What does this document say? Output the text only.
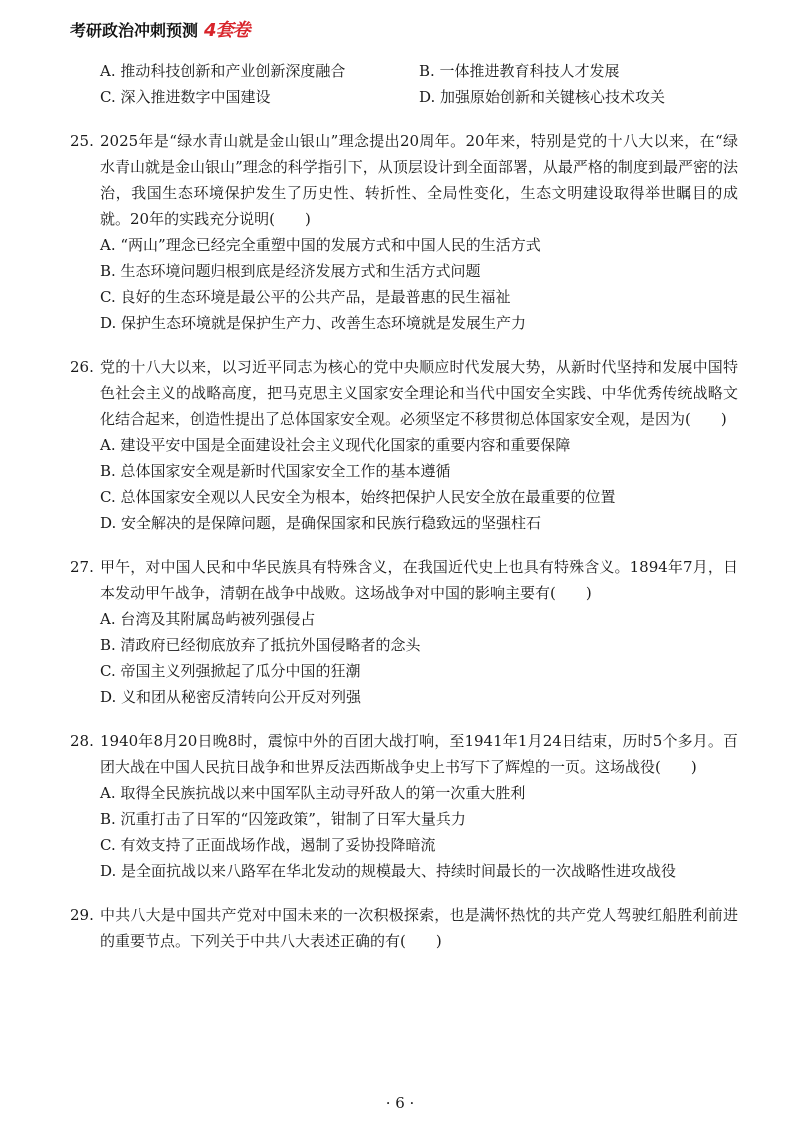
考研政治冲刺预测 4套卷
A. 推动科技创新和产业创新深度融合	B. 一体推进教育科技人才发展
C. 深入推进数字中国建设	D. 加强原始创新和关键核心技术攻关
25. 2025年是“绿水青山就是金山银山”理念提出20周年。20年来，特别是党的十八大以来，在“绿水青山就是金山银山”理念的科学指引下，从顶层设计到全面部署，从最严格的制度到最严密的法治，我国生态环境保护发生了历史性、转折性、全局性变化，生态文明建设取得举世瞩目的成就。20年的实践充分说明(　　)
A. “两山”理念已经完全重塑中国的发展方式和中国人民的生活方式
B. 生态环境问题归根到底是经济发展方式和生活方式问题
C. 良好的生态环境是最公平的公共产品，是最普惠的民生福祉
D. 保护生态环境就是保护生产力、改善生态环境就是发展生产力
26. 党的十八大以来，以习近平同志为核心的党中央顺应时代发展大势，从新时代坚持和发展中国特色社会主义的战略高度，把马克思主义国家安全理论和当代中国安全实践、中华优秀传统战略文化结合起来，创造性提出了总体国家安全观。必须坚定不移贯彻总体国家安全观，是因为(　　)
A. 建设平安中国是全面建设社会主义现代化国家的重要内容和重要保障
B. 总体国家安全观是新时代国家安全工作的基本遵循
C. 总体国家安全观以人民安全为根本，始终把保护人民安全放在最重要的位置
D. 安全解决的是保障问题，是确保国家和民族行稳致远的坚强柱石
27. 甲午，对中国人民和中华民族具有特殊含义，在我国近代史上也具有特殊含义。1894年7月，日本发动甲午战争，清朝在战争中战败。这场战争对中国的影响主要有(　　)
A. 台湾及其附属岛屿被列强侵占
B. 清政府已经彻底放弃了抵抗外国侵略者的念头
C. 帝国主义列强掀起了瓜分中国的狂潮
D. 义和团从秘密反清转向公开反对列强
28. 1940年8月20日晚8时，震惊中外的百团大战打响，至1941年1月24日结束，历时5个多月。百团大战在中国人民抗日战争和世界反法西斯战争史上书写下了辉煌的一页。这场战役(　　)
A. 取得全民族抗战以来中国军队主动寻歼敌人的第一次重大胜利
B. 沉重打击了日军的“囚笼政策”，钳制了日军大量兵力
C. 有效支持了正面战场作战，遏制了妥协投降暗流
D. 是全面抗战以来八路军在华北发动的规模最大、持续时间最长的一次战略性进攻战役
29. 中共八大是中国共产党对中国未来的一次积极探索，也是满怀热忱的共产党人驾驶红船胜利前进的重要节点。下列关于中共八大表述正确的有(　　)
· 6 ·
